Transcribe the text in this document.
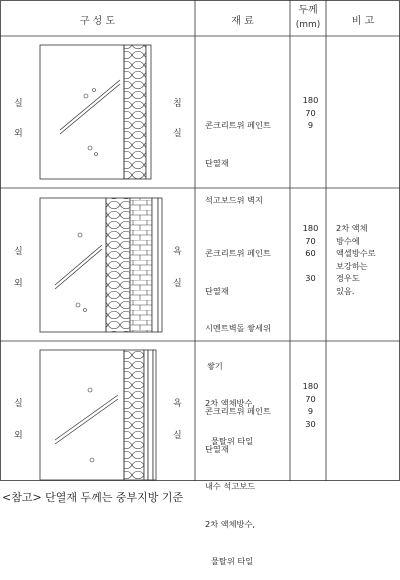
구 성 도	재 료
두께
(mm)	비 고
실
외
침
실

콘크리트위 페인트

단열재

석고보드위 벽지

180
70
9
실
외
욕
실

콘크리트위 페인트

단열재

시멘트벽돌 쌓세위

쌓기

2차 액체방수,

물탈위 타일

180
70
60

30
2차 액체
방수에
액셀방수로
보강하는
경우도
있음.
실
외
욕
실

콘크리트위 페인트

단열재

내수 석고보드

2차 액체방수,

물탈위 타일

180
70
9
30
<참고> 단열재 두께는 중부지방 기준
